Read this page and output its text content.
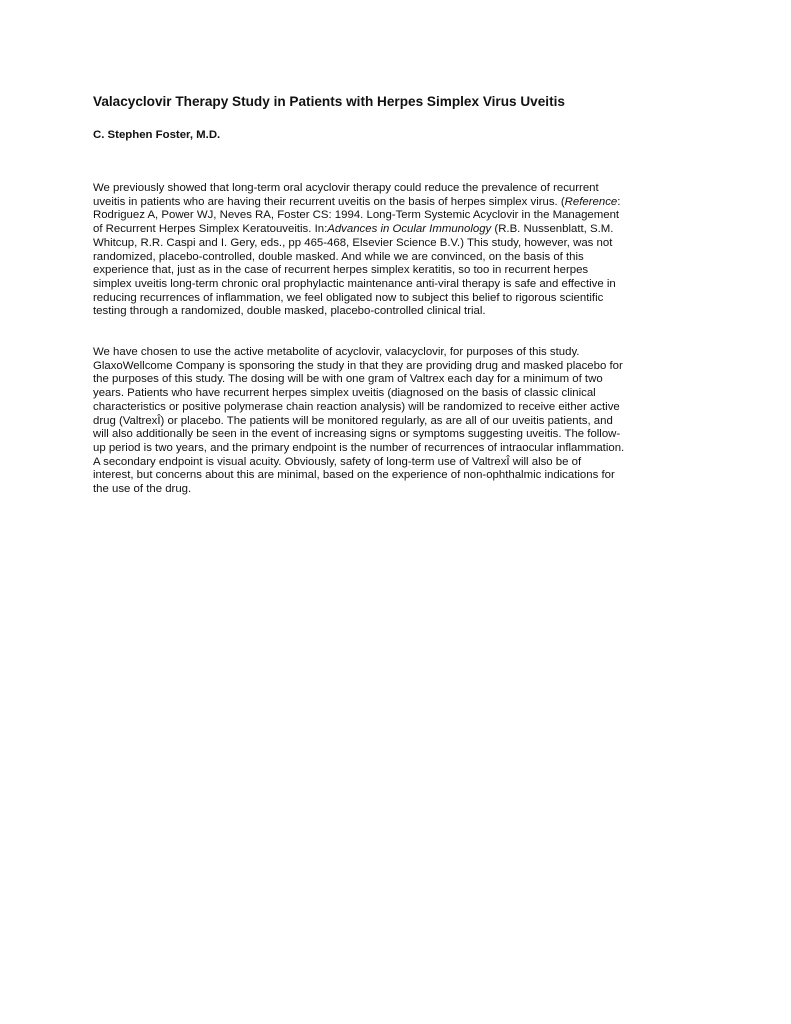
Valacyclovir Therapy Study in Patients with Herpes Simplex Virus Uveitis

C. Stephen Foster, M.D.

We previously showed that long-term oral acyclovir therapy could reduce the prevalence of recurrent
uveitis in patients who are having their recurrent uveitis on the basis of herpes simplex virus. (Reference:
Rodriguez A, Power WJ, Neves RA, Foster CS: 1994. Long-Term Systemic Acyclovir in the Management
of Recurrent Herpes Simplex Keratouveitis. In:Advances in Ocular Immunology (R.B. Nussenblatt, S.M.
Whitcup, R.R. Caspi and I. Gery, eds., pp 465-468, Elsevier Science B.V.) This study, however, was not
randomized, placebo-controlled, double masked. And while we are convinced, on the basis of this
experience that, just as in the case of recurrent herpes simplex keratitis, so too in recurrent herpes
simplex uveitis long-term chronic oral prophylactic maintenance anti-viral therapy is safe and effective in
reducing recurrences of inflammation, we feel obligated now to subject this belief to rigorous scientific
testing through a randomized, double masked, placebo-controlled clinical trial.
We have chosen to use the active metabolite of acyclovir, valacyclovir, for purposes of this study.
GlaxoWellcome Company is sponsoring the study in that they are providing drug and masked placebo for
the purposes of this study. The dosing will be with one gram of Valtrex each day for a minimum of two
years. Patients who have recurrent herpes simplex uveitis (diagnosed on the basis of classic clinical
characteristics or positive polymerase chain reaction analysis) will be randomized to receive either active
drug (ValtrexÎ) or placebo. The patients will be monitored regularly, as are all of our uveitis patients, and
will also additionally be seen in the event of increasing signs or symptoms suggesting uveitis. The follow-
up period is two years, and the primary endpoint is the number of recurrences of intraocular inflammation.
A secondary endpoint is visual acuity. Obviously, safety of long-term use of ValtrexÎ will also be of
interest, but concerns about this are minimal, based on the experience of non-ophthalmic indications for
the use of the drug.
